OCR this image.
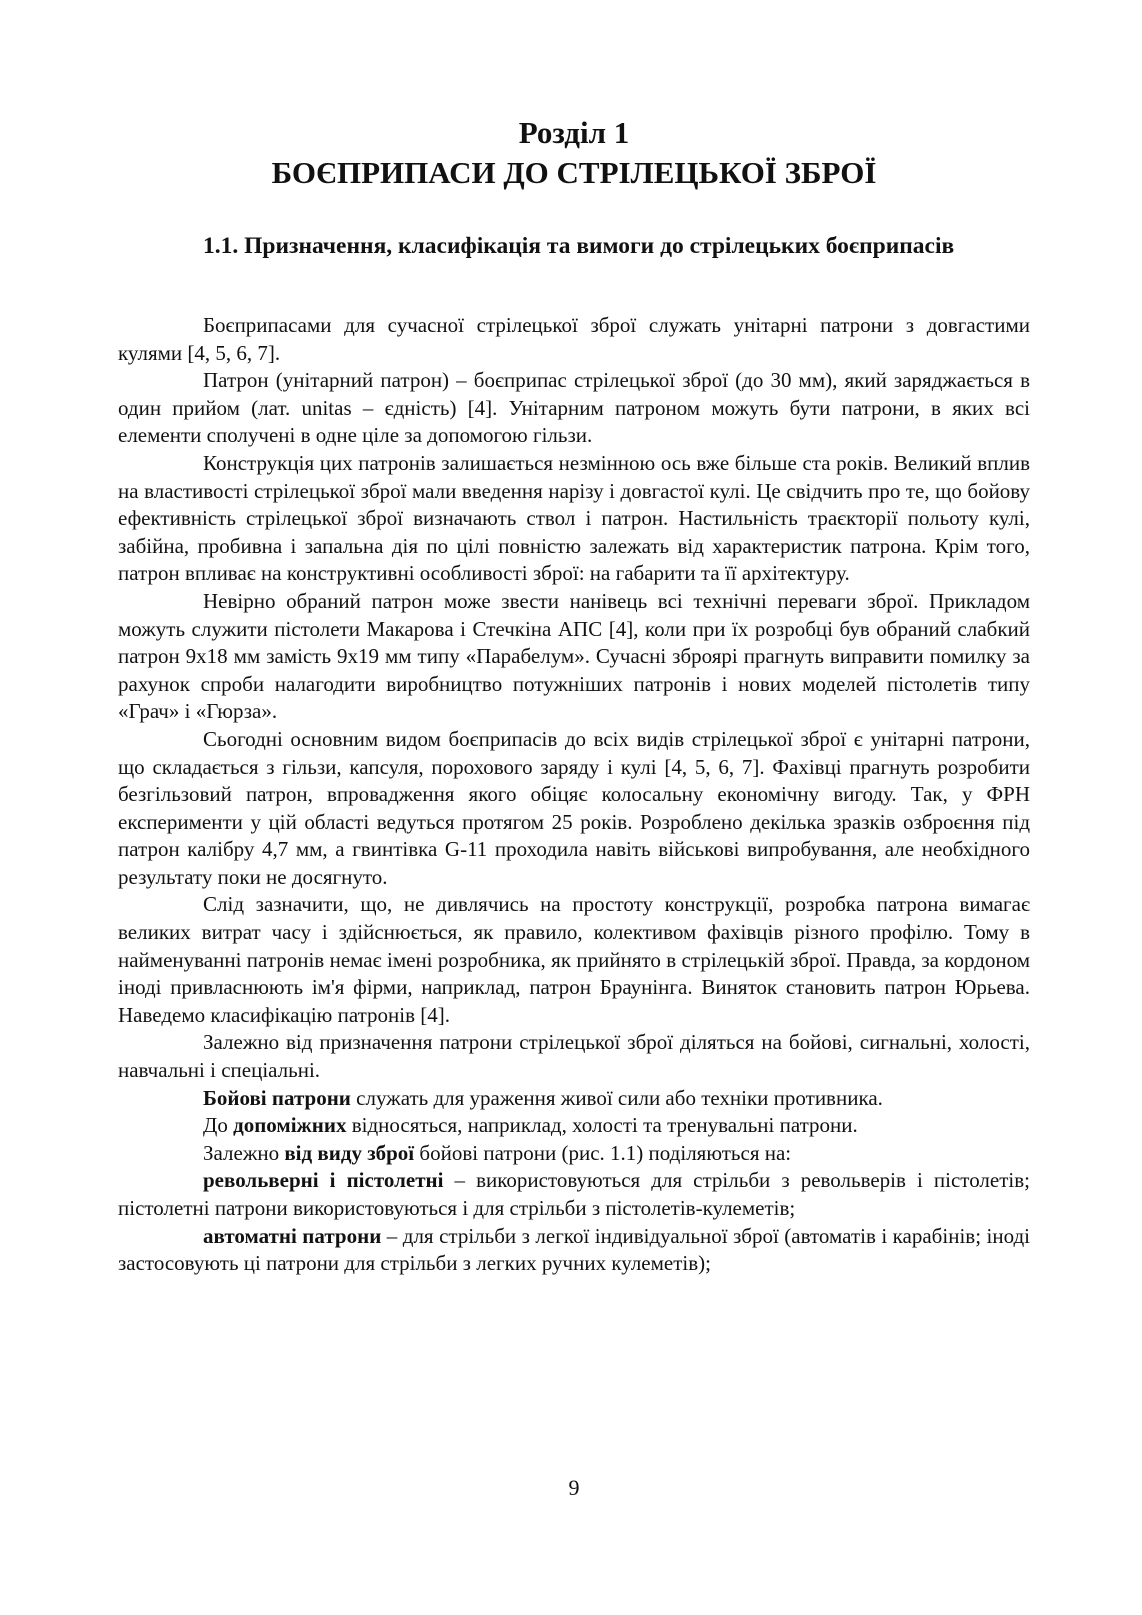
Розділ 1
БОЄПРИПАСИ ДО СТРІЛЕЦЬКОЇ ЗБРОЇ
1.1. Призначення, класифікація та вимоги до стрілецьких боєприпасів

Боєприпасами для сучасної стрілецької зброї служать унітарні патрони з довгастими кулями [4, 5, 6, 7].

Патрон (унітарний патрон) – боєприпас стрілецької зброї (до 30 мм), який заряджається в один прийом (лат. unitas – єдність) [4]. Унітарним патроном можуть бути патрони, в яких всі елементи сполучені в одне ціле за допомогою гільзи.

Конструкція цих патронів залишається незмінною ось вже більше ста років. Великий вплив на властивості стрілецької зброї мали введення нарізу і довгастої кулі. Це свідчить про те, що бойову ефективність стрілецької зброї визначають ствол і патрон. Настильність траєкторії польоту кулі, забійна, пробивна і запальна дія по цілі повністю залежать від характеристик патрона. Крім того, патрон впливає на конструктивні особливості зброї: на габарити та її архітектуру.

Невірно обраний патрон може звести нанівець всі технічні переваги зброї. Прикладом можуть служити пістолети Макарова і Стечкіна АПС [4], коли при їх розробці був обраний слабкий патрон 9х18 мм замість 9х19 мм типу «Парабелум». Сучасні зброярі прагнуть виправити помилку за рахунок спроби налагодити виробництво потужніших патронів і нових моделей пістолетів типу «Грач» і «Гюрза».

Сьогодні основним видом боєприпасів до всіх видів стрілецької зброї є унітарні патрони, що складається з гільзи, капсуля, порохового заряду і кулі [4, 5, 6, 7]. Фахівці прагнуть розробити безгільзовий патрон, впровадження якого обіцяє колосальну економічну вигоду. Так, у ФРН експерименти у цій області ведуться протягом 25 років. Розроблено декілька зразків озброєння під патрон калібру 4,7 мм, а гвинтівка G-11 проходила навіть військові випробування, але необхідного результату поки не досягнуто.

Слід зазначити, що, не дивлячись на простоту конструкції, розробка патрона вимагає великих витрат часу і здійснюється, як правило, колективом фахівців різного профілю. Тому в найменуванні патронів немає імені розробника, як прийнято в стрілецькій зброї. Правда, за кордоном іноді привласнюють ім'я фірми, наприклад, патрон Браунінга. Виняток становить патрон Юрьева. Наведемо класифікацію патронів [4].

Залежно від призначення патрони стрілецької зброї діляться на бойові, сигнальні, холості, навчальні і спеціальні.

Бойові патрони служать для ураження живої сили або техніки противника.

До допоміжних відносяться, наприклад, холості та тренувальні патрони.

Залежно від виду зброї бойові патрони (рис. 1.1) поділяються на:

револьверні і пістолетні – використовуються для стрільби з револьверів і пістолетів; пістолетні патрони використовуються і для стрільби з пістолетів-кулеметів;

автоматні патрони – для стрільби з легкої індивідуальної зброї (автоматів і карабінів; іноді застосовують ці патрони для стрільби з легких ручних кулеметів);

9
